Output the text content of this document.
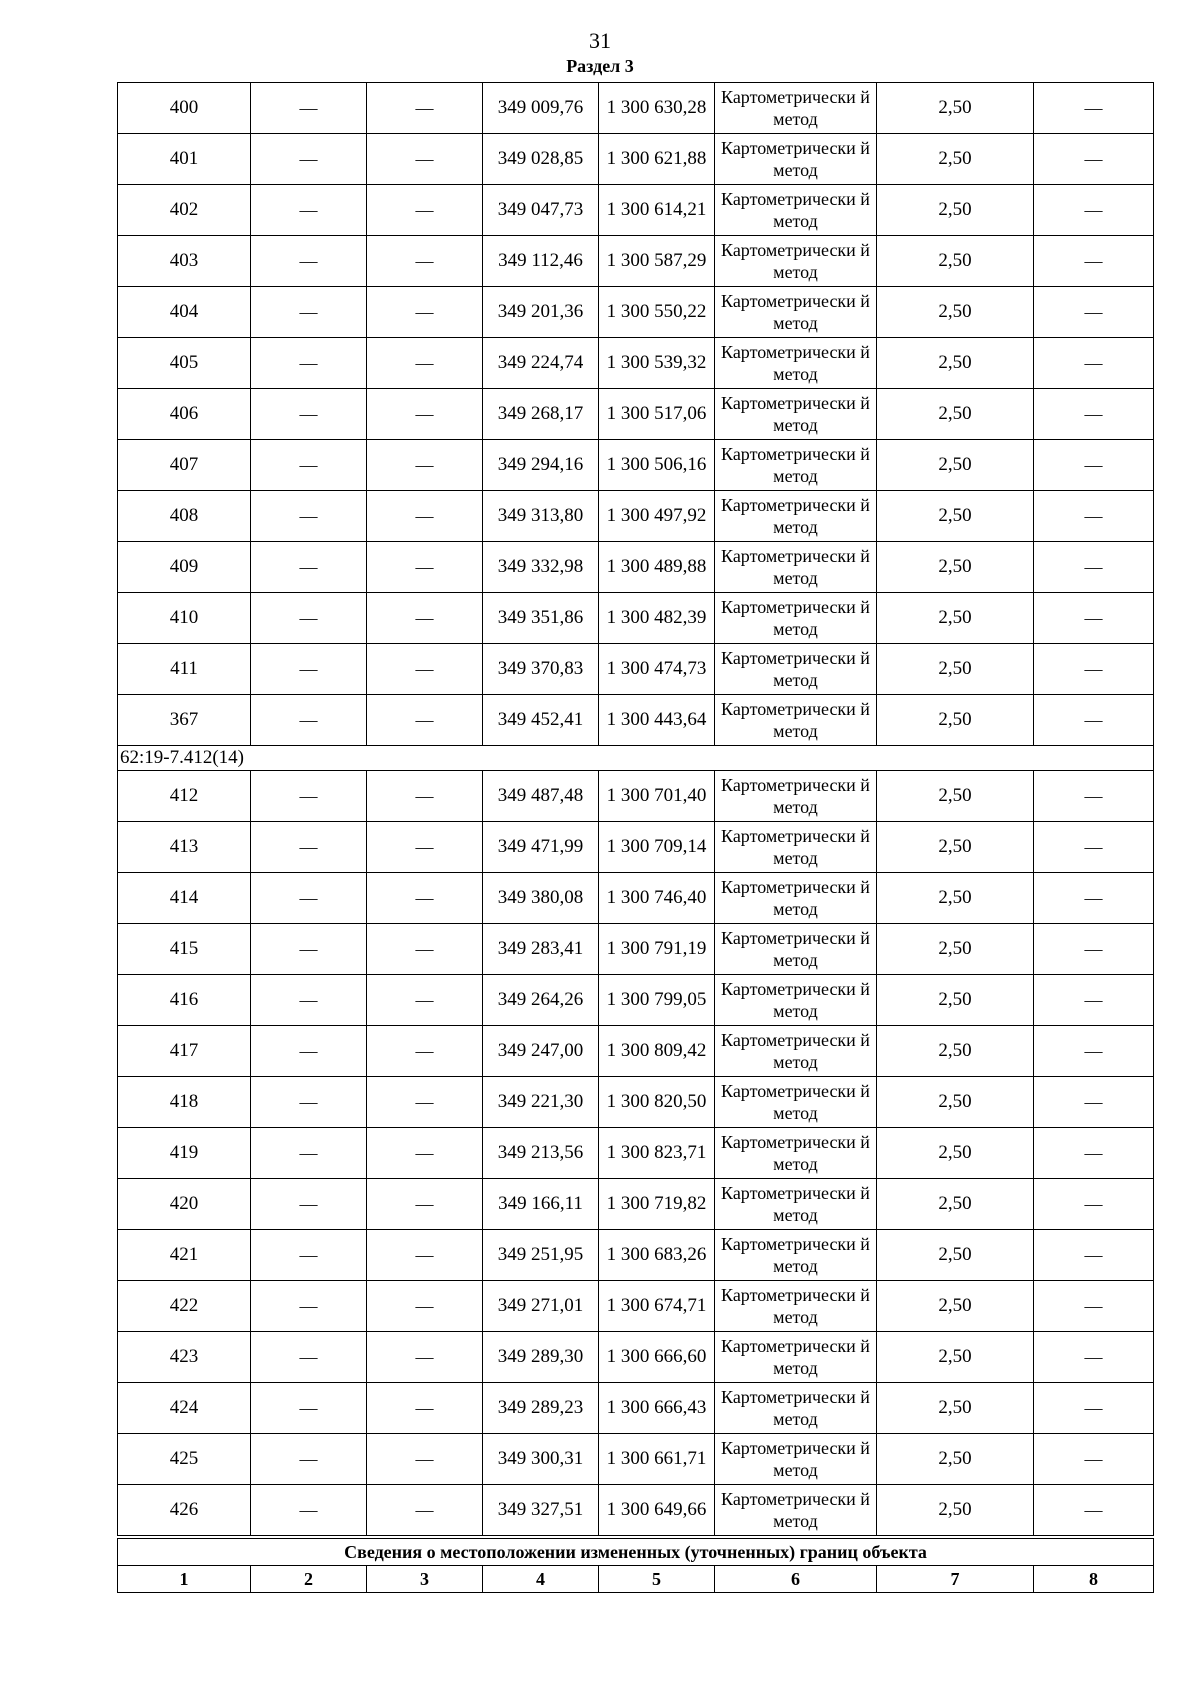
31
Раздел 3
400	—	—	349 009,76	1 300 630,28	Картометрически й метод	2,50	—
401	—	—	349 028,85	1 300 621,88	Картометрически й метод	2,50	—
402	—	—	349 047,73	1 300 614,21	Картометрически й метод	2,50	—
403	—	—	349 112,46	1 300 587,29	Картометрически й метод	2,50	—
404	—	—	349 201,36	1 300 550,22	Картометрически й метод	2,50	—
405	—	—	349 224,74	1 300 539,32	Картометрически й метод	2,50	—
406	—	—	349 268,17	1 300 517,06	Картометрически й метод	2,50	—
407	—	—	349 294,16	1 300 506,16	Картометрически й метод	2,50	—
408	—	—	349 313,80	1 300 497,92	Картометрически й метод	2,50	—
409	—	—	349 332,98	1 300 489,88	Картометрически й метод	2,50	—
410	—	—	349 351,86	1 300 482,39	Картометрически й метод	2,50	—
411	—	—	349 370,83	1 300 474,73	Картометрически й метод	2,50	—
367	—	—	349 452,41	1 300 443,64	Картометрически й метод	2,50	—
62:19-7.412(14)							
412	—	—	349 487,48	1 300 701,40	Картометрически й метод	2,50	—
413	—	—	349 471,99	1 300 709,14	Картометрически й метод	2,50	—
414	—	—	349 380,08	1 300 746,40	Картометрически й метод	2,50	—
415	—	—	349 283,41	1 300 791,19	Картометрически й метод	2,50	—
416	—	—	349 264,26	1 300 799,05	Картометрически й метод	2,50	—
417	—	—	349 247,00	1 300 809,42	Картометрически й метод	2,50	—
418	—	—	349 221,30	1 300 820,50	Картометрически й метод	2,50	—
419	—	—	349 213,56	1 300 823,71	Картометрически й метод	2,50	—
420	—	—	349 166,11	1 300 719,82	Картометрически й метод	2,50	—
421	—	—	349 251,95	1 300 683,26	Картометрически й метод	2,50	—
422	—	—	349 271,01	1 300 674,71	Картометрически й метод	2,50	—
423	—	—	349 289,30	1 300 666,60	Картометрически й метод	2,50	—
424	—	—	349 289,23	1 300 666,43	Картометрически й метод	2,50	—
425	—	—	349 300,31	1 300 661,71	Картометрически й метод	2,50	—
426	—	—	349 327,51	1 300 649,66	Картометрически й метод	2,50	—
Сведения о местоположении измененных (уточненных) границ объекта							
1	2	3	4	5	6	7	8
